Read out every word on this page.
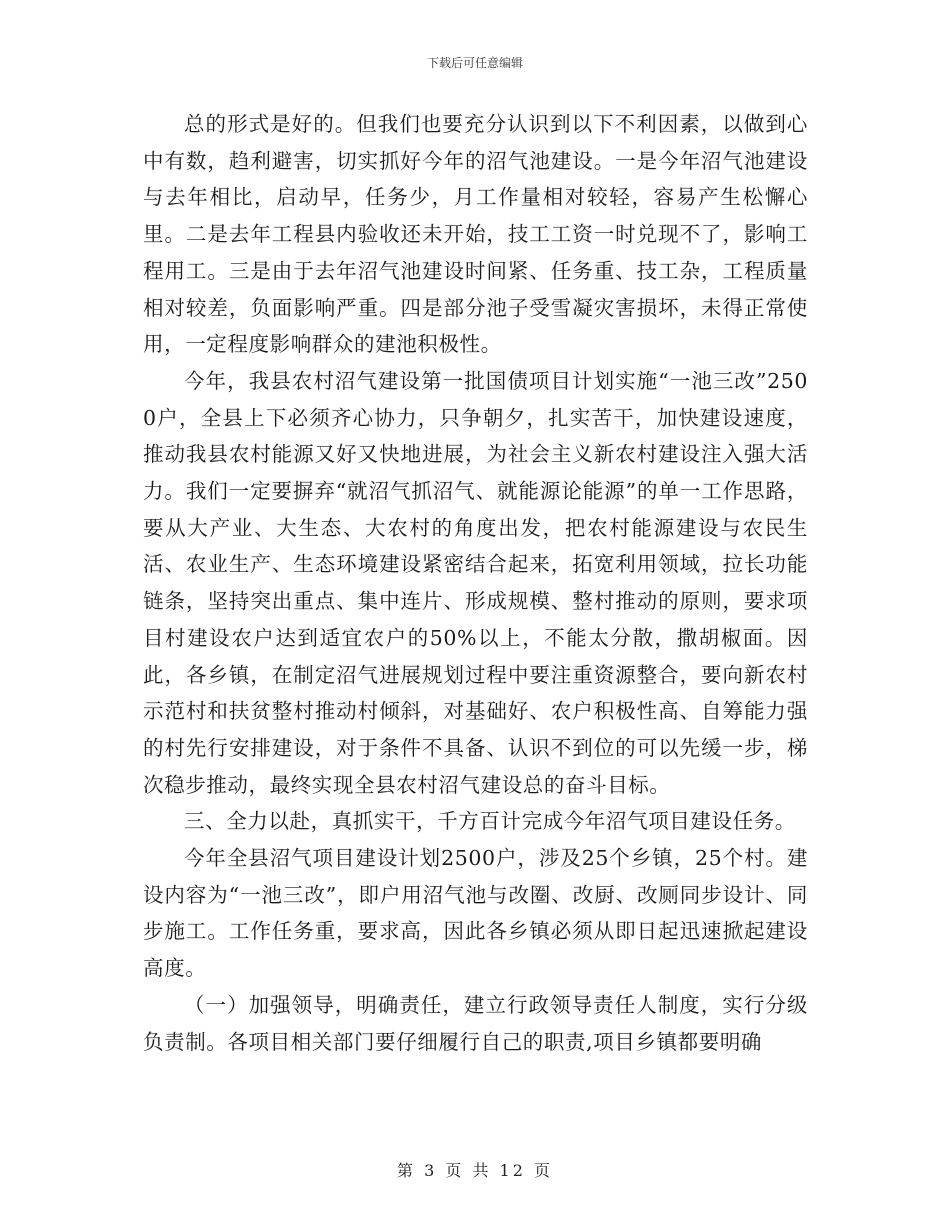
下载后可任意编辑

总的形式是好的。但我们也要充分认识到以下不利因素，以做到心中有数，趋利避害，切实抓好今年的沼气池建设。一是今年沼气池建设与去年相比，启动早，任务少，月工作量相对较轻，容易产生松懈心里。二是去年工程县内验收还未开始，技工工资一时兑现不了，影响工程用工。三是由于去年沼气池建设时间紧、任务重、技工杂，工程质量相对较差，负面影响严重。四是部分池子受雪凝灾害损坏，未得正常使用，一定程度影响群众的建池积极性。

今年，我县农村沼气建设第一批国债项目计划实施“一池三改”2500户，全县上下必须齐心协力，只争朝夕，扎实苦干，加快建设速度，推动我县农村能源又好又快地进展，为社会主义新农村建设注入强大活力。我们一定要摒弃“就沼气抓沼气、就能源论能源”的单一工作思路，要从大产业、大生态、大农村的角度出发，把农村能源建设与农民生活、农业生产、生态环境建设紧密结合起来，拓宽利用领域，拉长功能链条，坚持突出重点、集中连片、形成规模、整村推动的原则，要求项目村建设农户达到适宜农户的50%以上，不能太分散，撒胡椒面。因此，各乡镇，在制定沼气进展规划过程中要注重资源整合，要向新农村示范村和扶贫整村推动村倾斜，对基础好、农户积极性高、自筹能力强的村先行安排建设，对于条件不具备、认识不到位的可以先缓一步，梯次稳步推动，最终实现全县农村沼气建设总的奋斗目标。

三、全力以赴，真抓实干，千方百计完成今年沼气项目建设任务。

今年全县沼气项目建设计划2500户，涉及25个乡镇，25个村。建设内容为“一池三改”，即户用沼气池与改圈、改厨、改厕同步设计、同步施工。工作任务重，要求高，因此各乡镇必须从即日起迅速掀起建设高度。

（一）加强领导，明确责任，建立行政领导责任人制度，实行分级负责制。各项目相关部门要仔细履行自己的职责,项目乡镇都要明确

第 3 页 共 12 页
